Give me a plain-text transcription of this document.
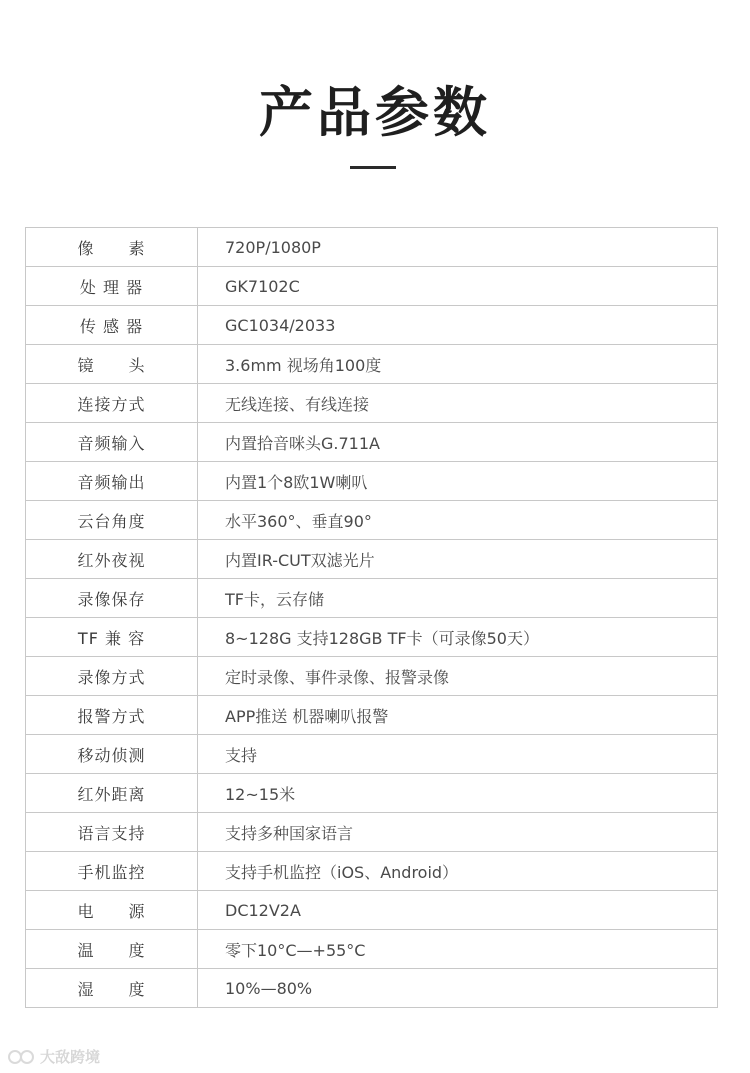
产品参数
像　　素	720P/1080P
处 理 器	GK7102C
传 感 器	GC1034/2033
镜　　头	3.6mm 视场角100度
连接方式	无线连接、有线连接
音频输入	内置拾音咪头G.711A
音频输出	内置1个8欧1W喇叭
云台角度	水平360°、垂直90°
红外夜视	内置IR-CUT双滤光片
录像保存	TF卡，云存储
TF 兼 容	8~128G 支持128GB TF卡（可录像50天）
录像方式	定时录像、事件录像、报警录像
报警方式	APP推送 机器喇叭报警
移动侦测	支持
红外距离	12~15米
语言支持	支持多种国家语言
手机监控	支持手机监控（iOS、Android）
电　　源	DC12V2A
温　　度	零下10°C—+55°C
湿　　度	10%—80%
大敌跨境
